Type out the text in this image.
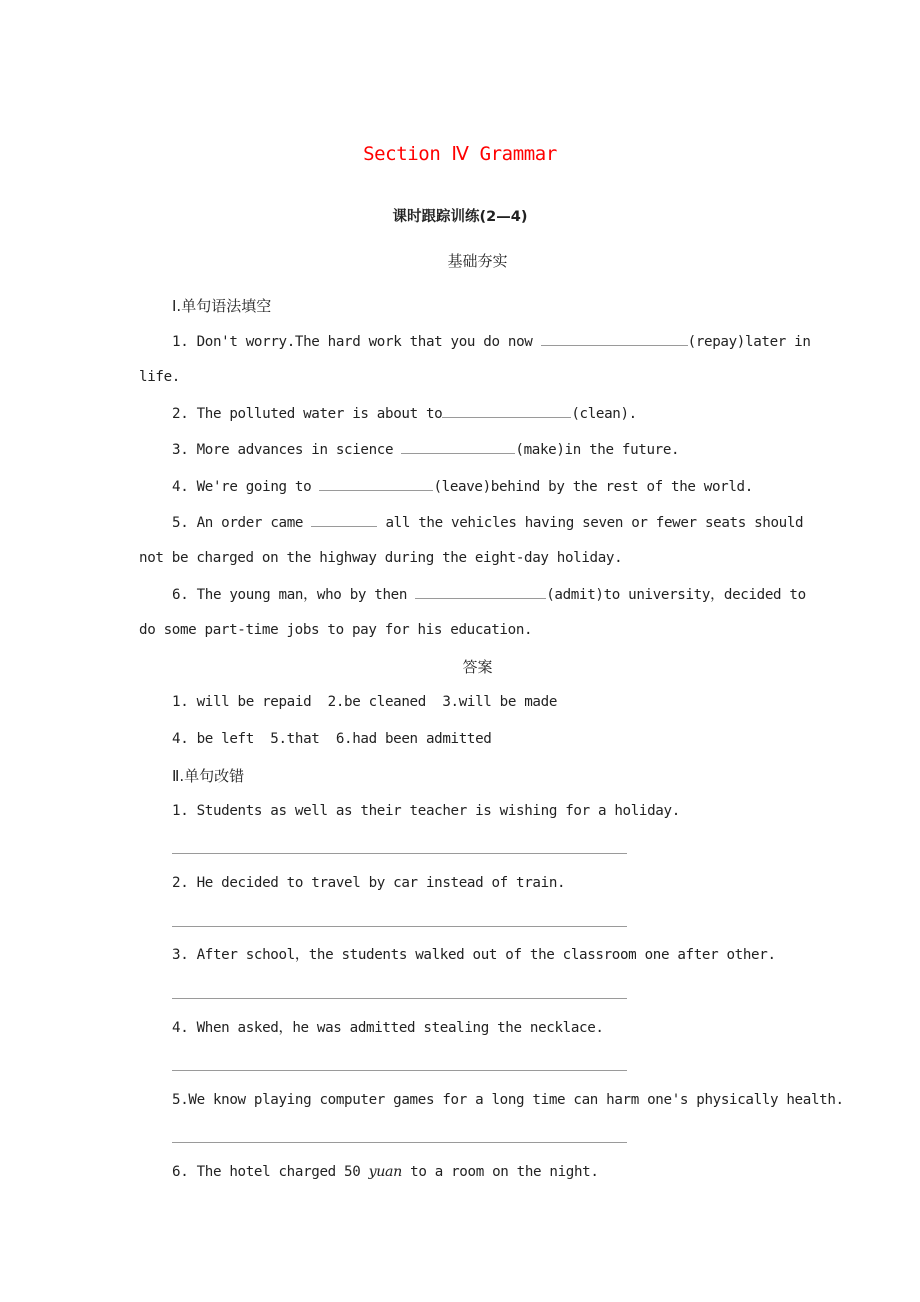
Section Ⅳ Grammar
课时跟踪训练(2—4)
基础夯实
Ⅰ.单句语法填空
1. Don't worry.The hard work that you do now	(repay)later in
life.
2. The polluted water is about to	(clean).
3. More advances in science	(make)in the future.
4. We're going to	(leave)behind by the rest of the world.
5. An order came	all the vehicles having seven or fewer seats should
not be charged on the highway during the eight-day holiday.
6. The young man，who by then	(admit)to university，decided to
do some part-time jobs to pay for his education.
答案
1. will be repaid  2.be cleaned  3.will be made
4. be left  5.that  6.had been admitted
Ⅱ.单句改错
1. Students as well as their teacher is wishing for a holiday.
2. He decided to travel by car instead of train.
3. After school，the students walked out of the classroom one after other.
4. When asked，he was admitted stealing the necklace.
5.We know playing computer games for a long time can harm one's physically health.
6. The hotel charged 50 yuan to a room on the night.
